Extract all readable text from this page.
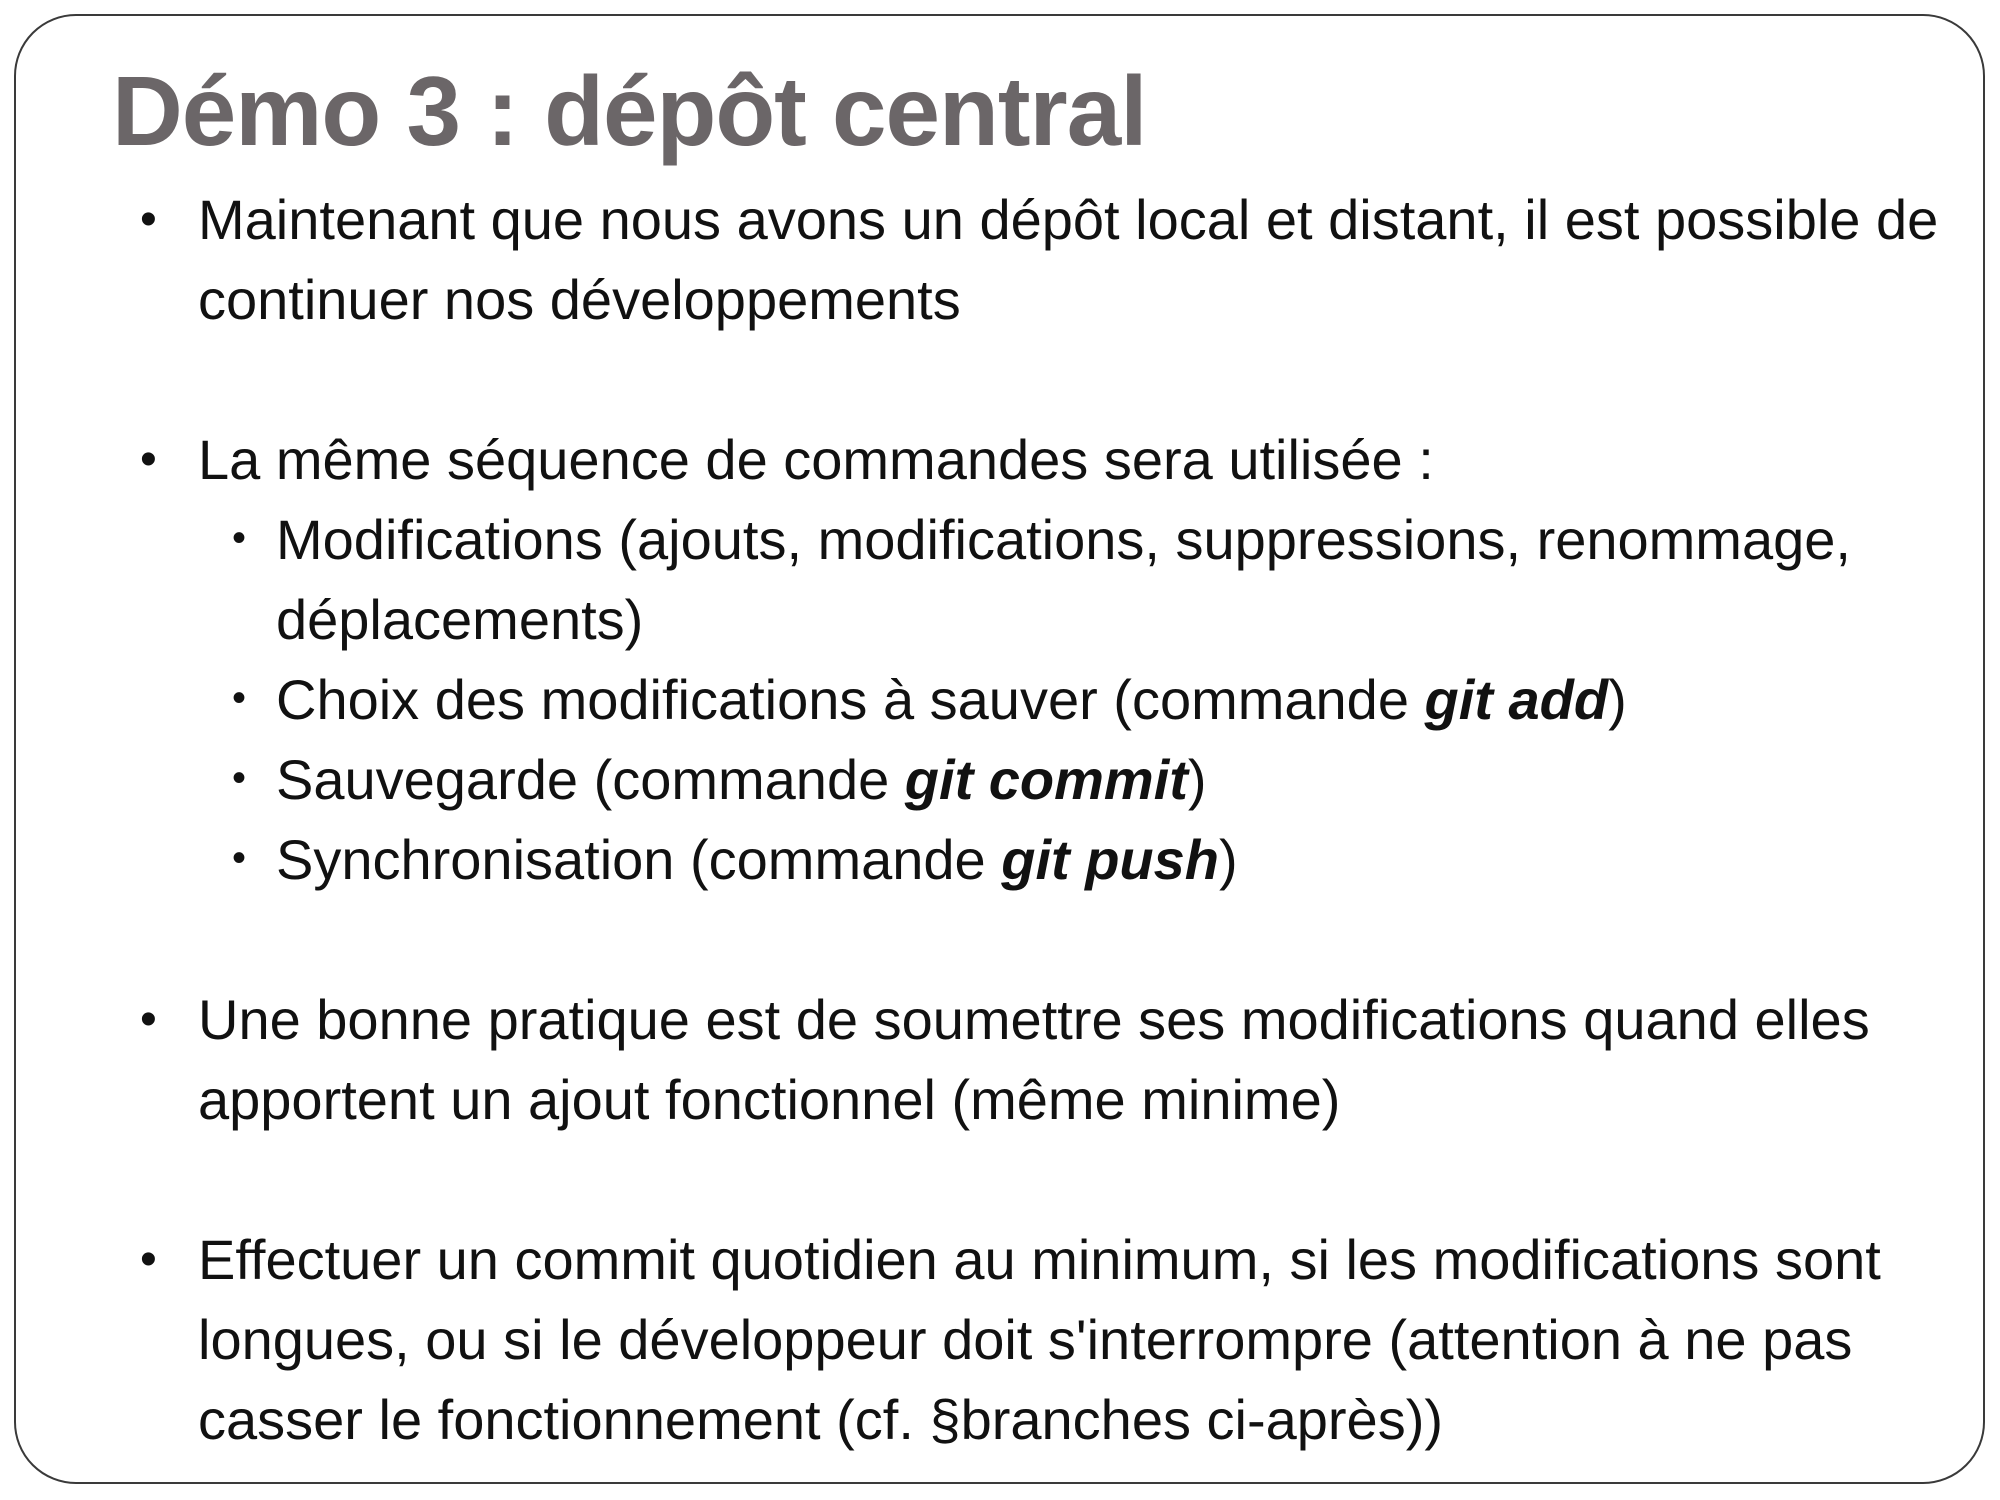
Démo 3 : dépôt central

• Maintenant que nous avons un dépôt local et distant, il est possible de continuer nos développements

• La même séquence de commandes sera utilisée :

• Modifications (ajouts, modifications, suppressions, renommage, déplacements)

• Choix des modifications à sauver (commande git add)

• Sauvegarde (commande git commit)

• Synchronisation (commande git push)

• Une bonne pratique est de soumettre ses modifications quand elles apportent un ajout fonctionnel (même minime)

• Effectuer un commit quotidien au minimum, si les modifications sont longues, ou si le développeur doit s'interrompre (attention à ne pas casser le fonctionnement (cf. §branches ci-après))
